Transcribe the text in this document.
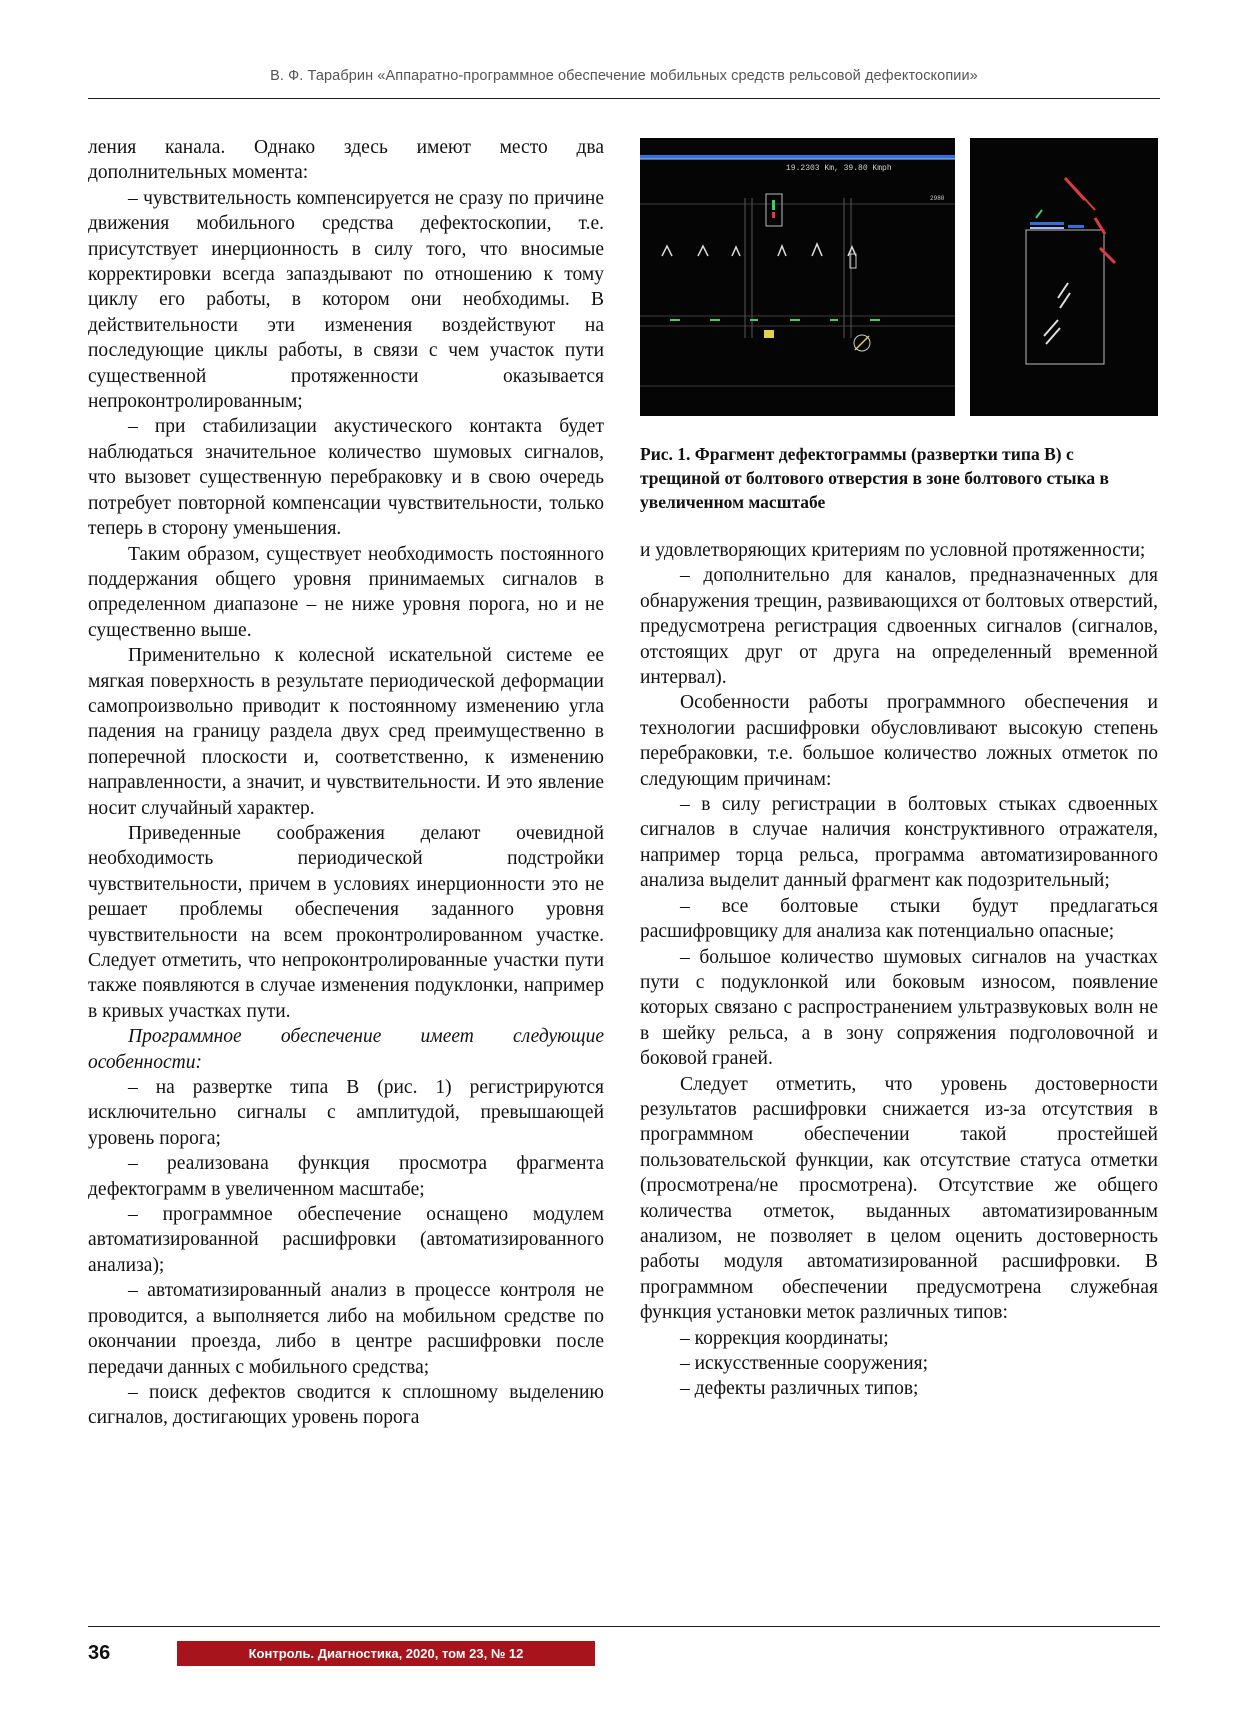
В. Ф. Тарабрин «Аппаратно-программное обеспечение мобильных средств рельсовой дефектоскопии»

ления канала. Однако здесь имеют место два дополнительных момента:

– чувствительность компенсируется не сразу по причине движения мобильного средства дефектоскопии, т.е. присутствует инерционность в силу того, что вносимые корректировки всегда запаздывают по отношению к тому циклу его работы, в котором они необходимы. В действительности эти изменения воздействуют на последующие циклы работы, в связи с чем участок пути существенной протяженности оказывается непроконтролированным;

– при стабилизации акустического контакта будет наблюдаться значительное количество шумовых сигналов, что вызовет существенную перебраковку и в свою очередь потребует повторной компенсации чувствительности, только теперь в сторону уменьшения.

Таким образом, существует необходимость постоянного поддержания общего уровня принимаемых сигналов в определенном диапазоне – не ниже уровня порога, но и не существенно выше.

Применительно к колесной искательной системе ее мягкая поверхность в результате периодической деформации самопроизвольно приводит к постоянному изменению угла падения на границу раздела двух сред преимущественно в поперечной плоскости и, соответственно, к изменению направленности, а значит, и чувствительности. И это явление носит случайный характер.

Приведенные соображения делают очевидной необходимость периодической подстройки чувствительности, причем в условиях инерционности это не решает проблемы обеспечения заданного уровня чувствительности на всем проконтролированном участке. Следует отметить, что непроконтролированные участки пути также появляются в случае изменения подуклонки, например в кривых участках пути.

Программное обеспечение имеет следующие особенности:

– на развертке типа B (рис. 1) регистрируются исключительно сигналы с амплитудой, превышающей уровень порога;

– реализована функция просмотра фрагмента дефектограмм в увеличенном масштабе;

– программное обеспечение оснащено модулем автоматизированной расшифровки (автоматизированного анализа);

– автоматизированный анализ в процессе контроля не проводится, а выполняется либо на мобильном средстве по окончании проезда, либо в центре расшифровки после передачи данных с мобильного средства;

– поиск дефектов сводится к сплошному выделению сигналов, достигающих уровень порога

19.2303 Km, 39.80 Kmph
2980
Рис. 1. Фрагмент дефектограммы (развертки типа B) с трещиной от болтового отверстия в зоне болтового стыка в увеличенном масштабе

и удовлетворяющих критериям по условной протяженности;

– дополнительно для каналов, предназначенных для обнаружения трещин, развивающихся от болтовых отверстий, предусмотрена регистрация сдвоенных сигналов (сигналов, отстоящих друг от друга на определенный временной интервал).

Особенности работы программного обеспечения и технологии расшифровки обусловливают высокую степень перебраковки, т.е. большое количество ложных отметок по следующим причинам:

– в силу регистрации в болтовых стыках сдвоенных сигналов в случае наличия конструктивного отражателя, например торца рельса, программа автоматизированного анализа выделит данный фрагмент как подозрительный;

– все болтовые стыки будут предлагаться расшифровщику для анализа как потенциально опасные;

– большое количество шумовых сигналов на участках пути с подуклонкой или боковым износом, появление которых связано с распространением ультразвуковых волн не в шейку рельса, а в зону сопряжения подголовочной и боковой граней.

Следует отметить, что уровень достоверности результатов расшифровки снижается из-за отсутствия в программном обеспечении такой простейшей пользовательской функции, как отсутствие статуса отметки (просмотрена/не просмотрена). Отсутствие же общего количества отметок, выданных автоматизированным анализом, не позволяет в целом оценить достоверность работы модуля автоматизированной расшифровки. В программном обеспечении предусмотрена служебная функция установки меток различных типов:

– коррекция координаты;

– искусственные сооружения;

– дефекты различных типов;

36	Контроль. Диагностика, 2020, том 23, № 12
